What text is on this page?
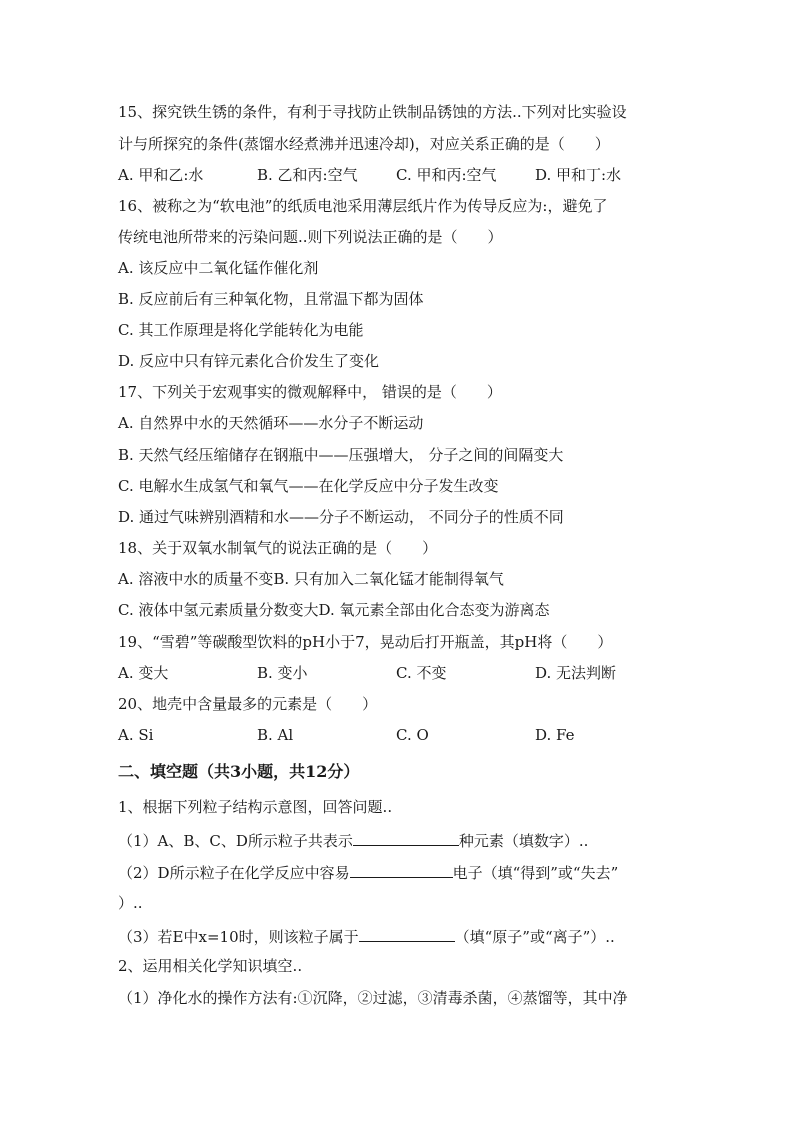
15、探究铁生锈的条件，有利于寻找防止铁制品锈蚀的方法..下列对比实验设
计与所探究的条件(蒸馏水经煮沸并迅速冷却)，对应关系正确的是（　　）
A. 甲和乙:水	B. 乙和丙:空气	C. 甲和丙:空气	D. 甲和丁:水
16、被称之为“软电池”的纸质电池采用薄层纸片作为传导反应为:，避免了
传统电池所带来的污染问题..则下列说法正确的是（　　）
A. 该反应中二氧化锰作催化剂
B. 反应前后有三种氧化物，且常温下都为固体
C. 其工作原理是将化学能转化为电能
D. 反应中只有锌元素化合价发生了变化
17、下列关于宏观事实的微观解释中， 错误的是（　　）
A. 自然界中水的天然循环——水分子不断运动
B. 天然气经压缩储存在钢瓶中——压强增大， 分子之间的间隔变大
C. 电解水生成氢气和氧气——在化学反应中分子发生改变
D. 通过气味辨别酒精和水——分子不断运动， 不同分子的性质不同
18、关于双氧水制氧气的说法正确的是（　　）
A. 溶液中水的质量不变B. 只有加入二氧化锰才能制得氧气
C. 液体中氢元素质量分数变大D. 氧元素全部由化合态变为游离态
19、“雪碧”等碳酸型饮料的pH小于7，晃动后打开瓶盖，其pH将（　　）
A. 变大	B. 变小	C. 不变	D. 无法判断
20、地壳中含量最多的元素是（　　）
A. Si	B. Al	C. O	D. Fe
二、填空题（共3小题，共12分）
1、根据下列粒子结构示意图，回答问题..
（1）A、B、C、D所示粒子共表示	种元素（填数字）..
（2）D所示粒子在化学反应中容易	电子（填“得到”或“失去”
）..
（3）若E中x=10时，则该粒子属于	（填“原子”或“离子”）..
2、运用相关化学知识填空..
（1）净化水的操作方法有:①沉降，②过滤，③清毒杀菌，④蒸馏等，其中净
